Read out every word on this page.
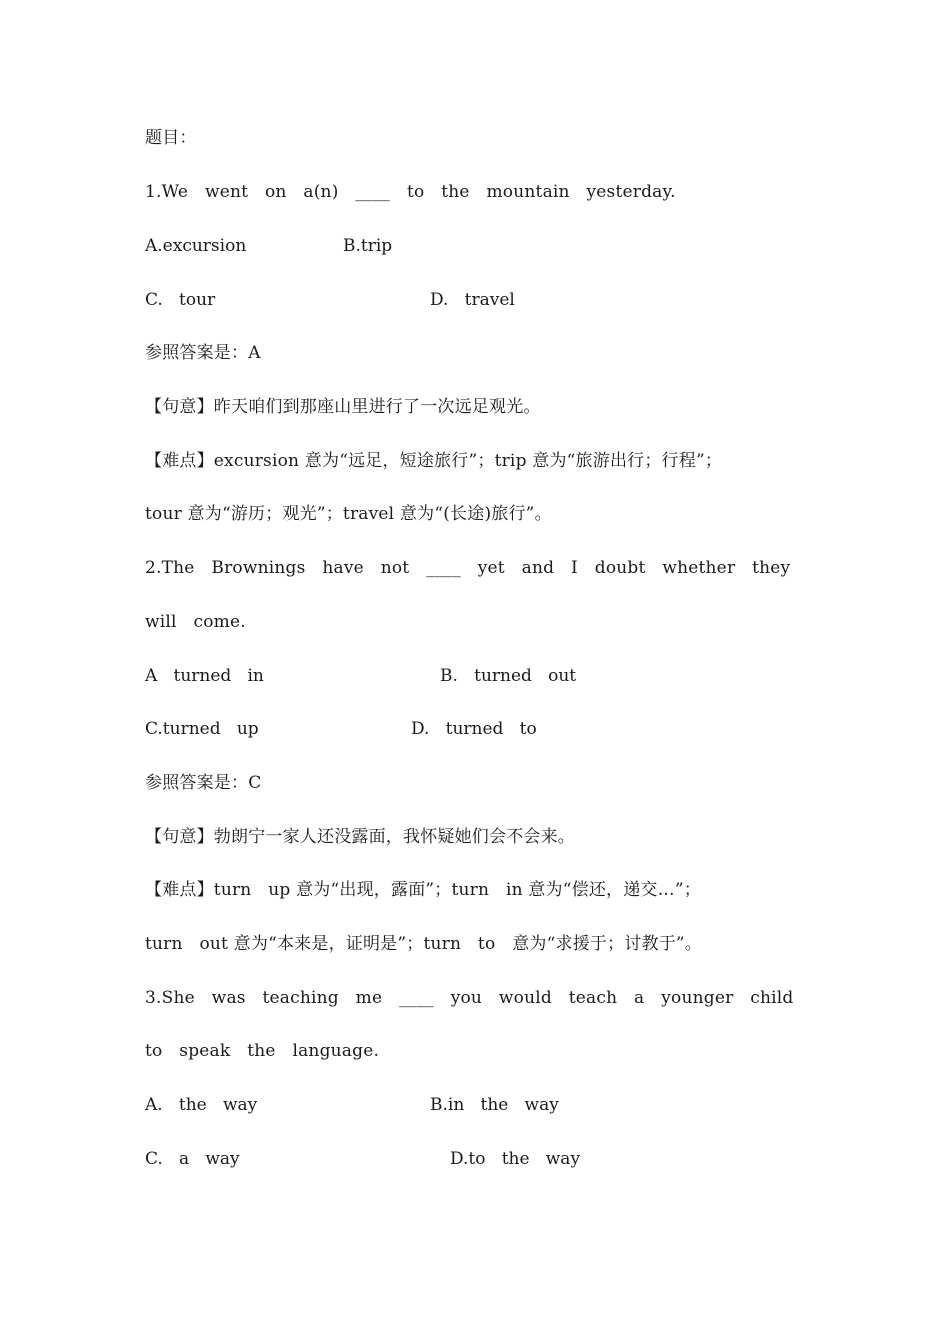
题目：
1.We   went   on   a(n)   ____   to   the   mountain   yesterday.
A.excursion	B.trip
C.   tour	D.   travel
参照答案是：A
【句意】昨天咱们到那座山里进行了一次远足观光。
【难点】excursion 意为“远足，短途旅行”；trip 意为“旅游出行；行程”；
tour 意为“游历；观光”；travel 意为“(长途)旅行”。
2.The   Brownings   have   not   ____   yet   and   I   doubt   whether   they
will   come.
A   turned   in	B.   turned   out
C.turned   up	D.   turned   to
参照答案是：C
【句意】勃朗宁一家人还没露面，我怀疑她们会不会来。
【难点】turn   up 意为“出现，露面”；turn   in 意为“偿还，递交…”；
turn   out 意为“本来是，证明是”；turn   to   意为“求援于；讨教于”。
3.She   was   teaching   me   ____   you   would   teach   a   younger   child
to   speak   the   language.
A.   the   way	B.in   the   way
C.   a   way	D.to   the   way
